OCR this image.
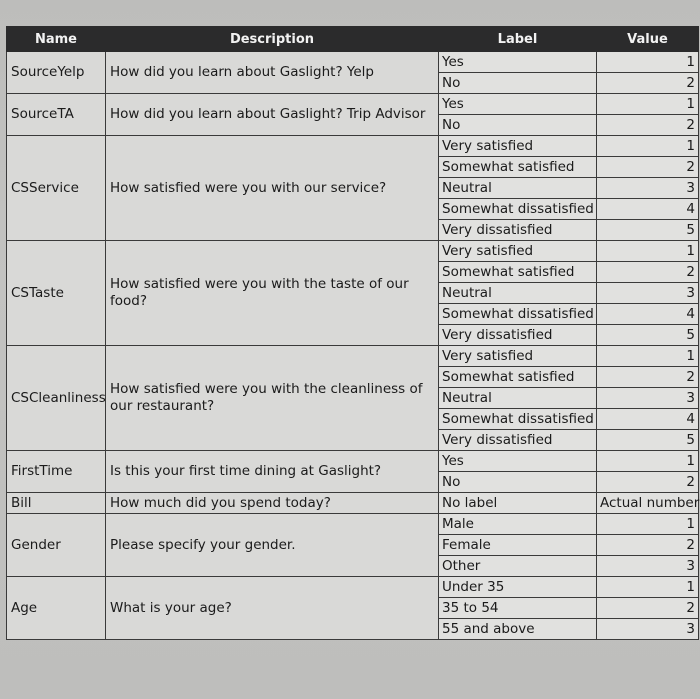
Name	Description	Label	Value
SourceYelp	How did you learn about Gaslight? Yelp	Yes	1
		No	2
SourceTA	How did you learn about Gaslight? Trip Advisor	Yes	1
		No	2
CSService	How satisfied were you with our service?	Very satisfied	1
		Somewhat satisfied	2
		Neutral	3
		Somewhat dissatisfied	4
		Very dissatisfied	5
CSTaste	How satisfied were you with the taste of our food?	Very satisfied	1
		Somewhat satisfied	2
		Neutral	3
		Somewhat dissatisfied	4
		Very dissatisfied	5
CSCleanliness	How satisfied were you with the cleanliness of our restaurant?	Very satisfied	1
		Somewhat satisfied	2
		Neutral	3
		Somewhat dissatisfied	4
		Very dissatisfied	5
FirstTime	Is this your first time dining at Gaslight?	Yes	1
		No	2
Bill	How much did you spend today?	No label	Actual number
Gender	Please specify your gender.	Male	1
		Female	2
		Other	3
Age	What is your age?	Under 35	1
		35 to 54	2
		55 and above	3
